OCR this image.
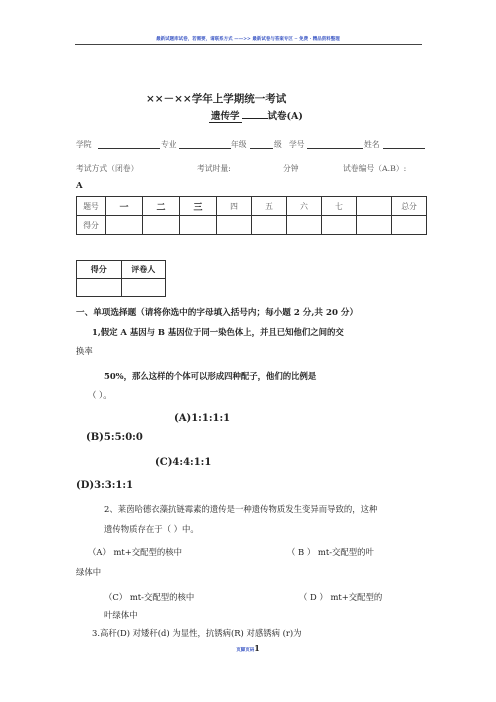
最新试题库试卷，若需要，请联系方式 ——>> 最新试卷与答案专区 ·· 免费 · 精品资料整理
××－××学年上学期统一考试
遗传学	试卷(A)
学院	专业	年级	级 学号	姓名
考试方式（闭卷）	考试时量:	分钟	试卷编号（A.B）:
A
题号	一	二	三	四	五	六	七		总分
得分									
得分	评卷人

一、单项选择题（请将你选中的字母填入括号内；每小题 2 分,共 20 分）
1,假定 A 基因与 B 基因位于同一染色体上，并且已知他们之间的交
换率
50%，那么这样的个体可以形成四种配子，他们的比例是
（ ）。
(A)1:1:1:1
(B)5:5:0:0
(C)4:4:1:1
(D)3:3:1:1
2、莱茵哈德衣藻抗链霉素的遗传是一种遗传物质发生变异而导致的，这种
遗传物质存在于（ ）中。
（A） mt+交配型的核中	（ B ） mt-交配型的叶
绿体中
（C） mt-交配型的核中	（ D ） mt+交配型的
叶绿体中
3.高秆(D) 对矮秆(d) 为显性，抗锈病(R) 对感锈病 (r)为
页脚页码1
